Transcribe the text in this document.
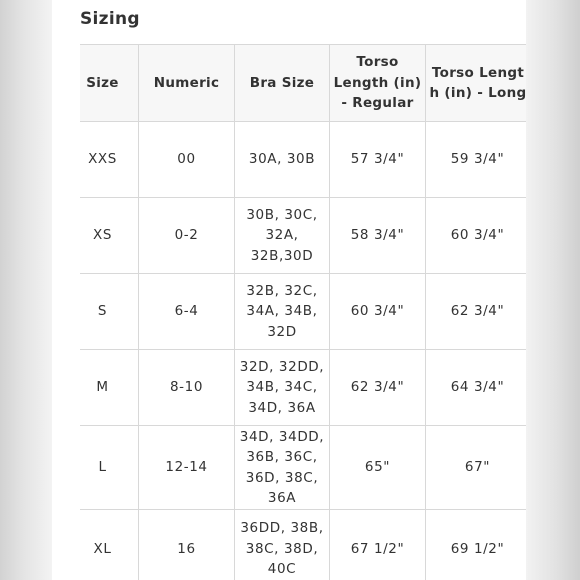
Sizing
Size	Numeric	Bra Size	Torso Length (in) - Regular	Torso Length (in) - Long
XXS	00	30A, 30B	57 3/4"	59 3/4"
XS	0-2	30B, 30C, 32A, 32B,30D	58 3/4"	60 3/4"
S	6-4	32B, 32C, 34A, 34B, 32D	60 3/4"	62 3/4"
M	8-10	32D, 32DD, 34B, 34C, 34D, 36A	62 3/4"	64 3/4"
L	12-14	34D, 34DD, 36B, 36C, 36D, 38C, 36A	65"	67"
XL	16	36DD, 38B, 38C, 38D, 40C	67 1/2"	69 1/2"
